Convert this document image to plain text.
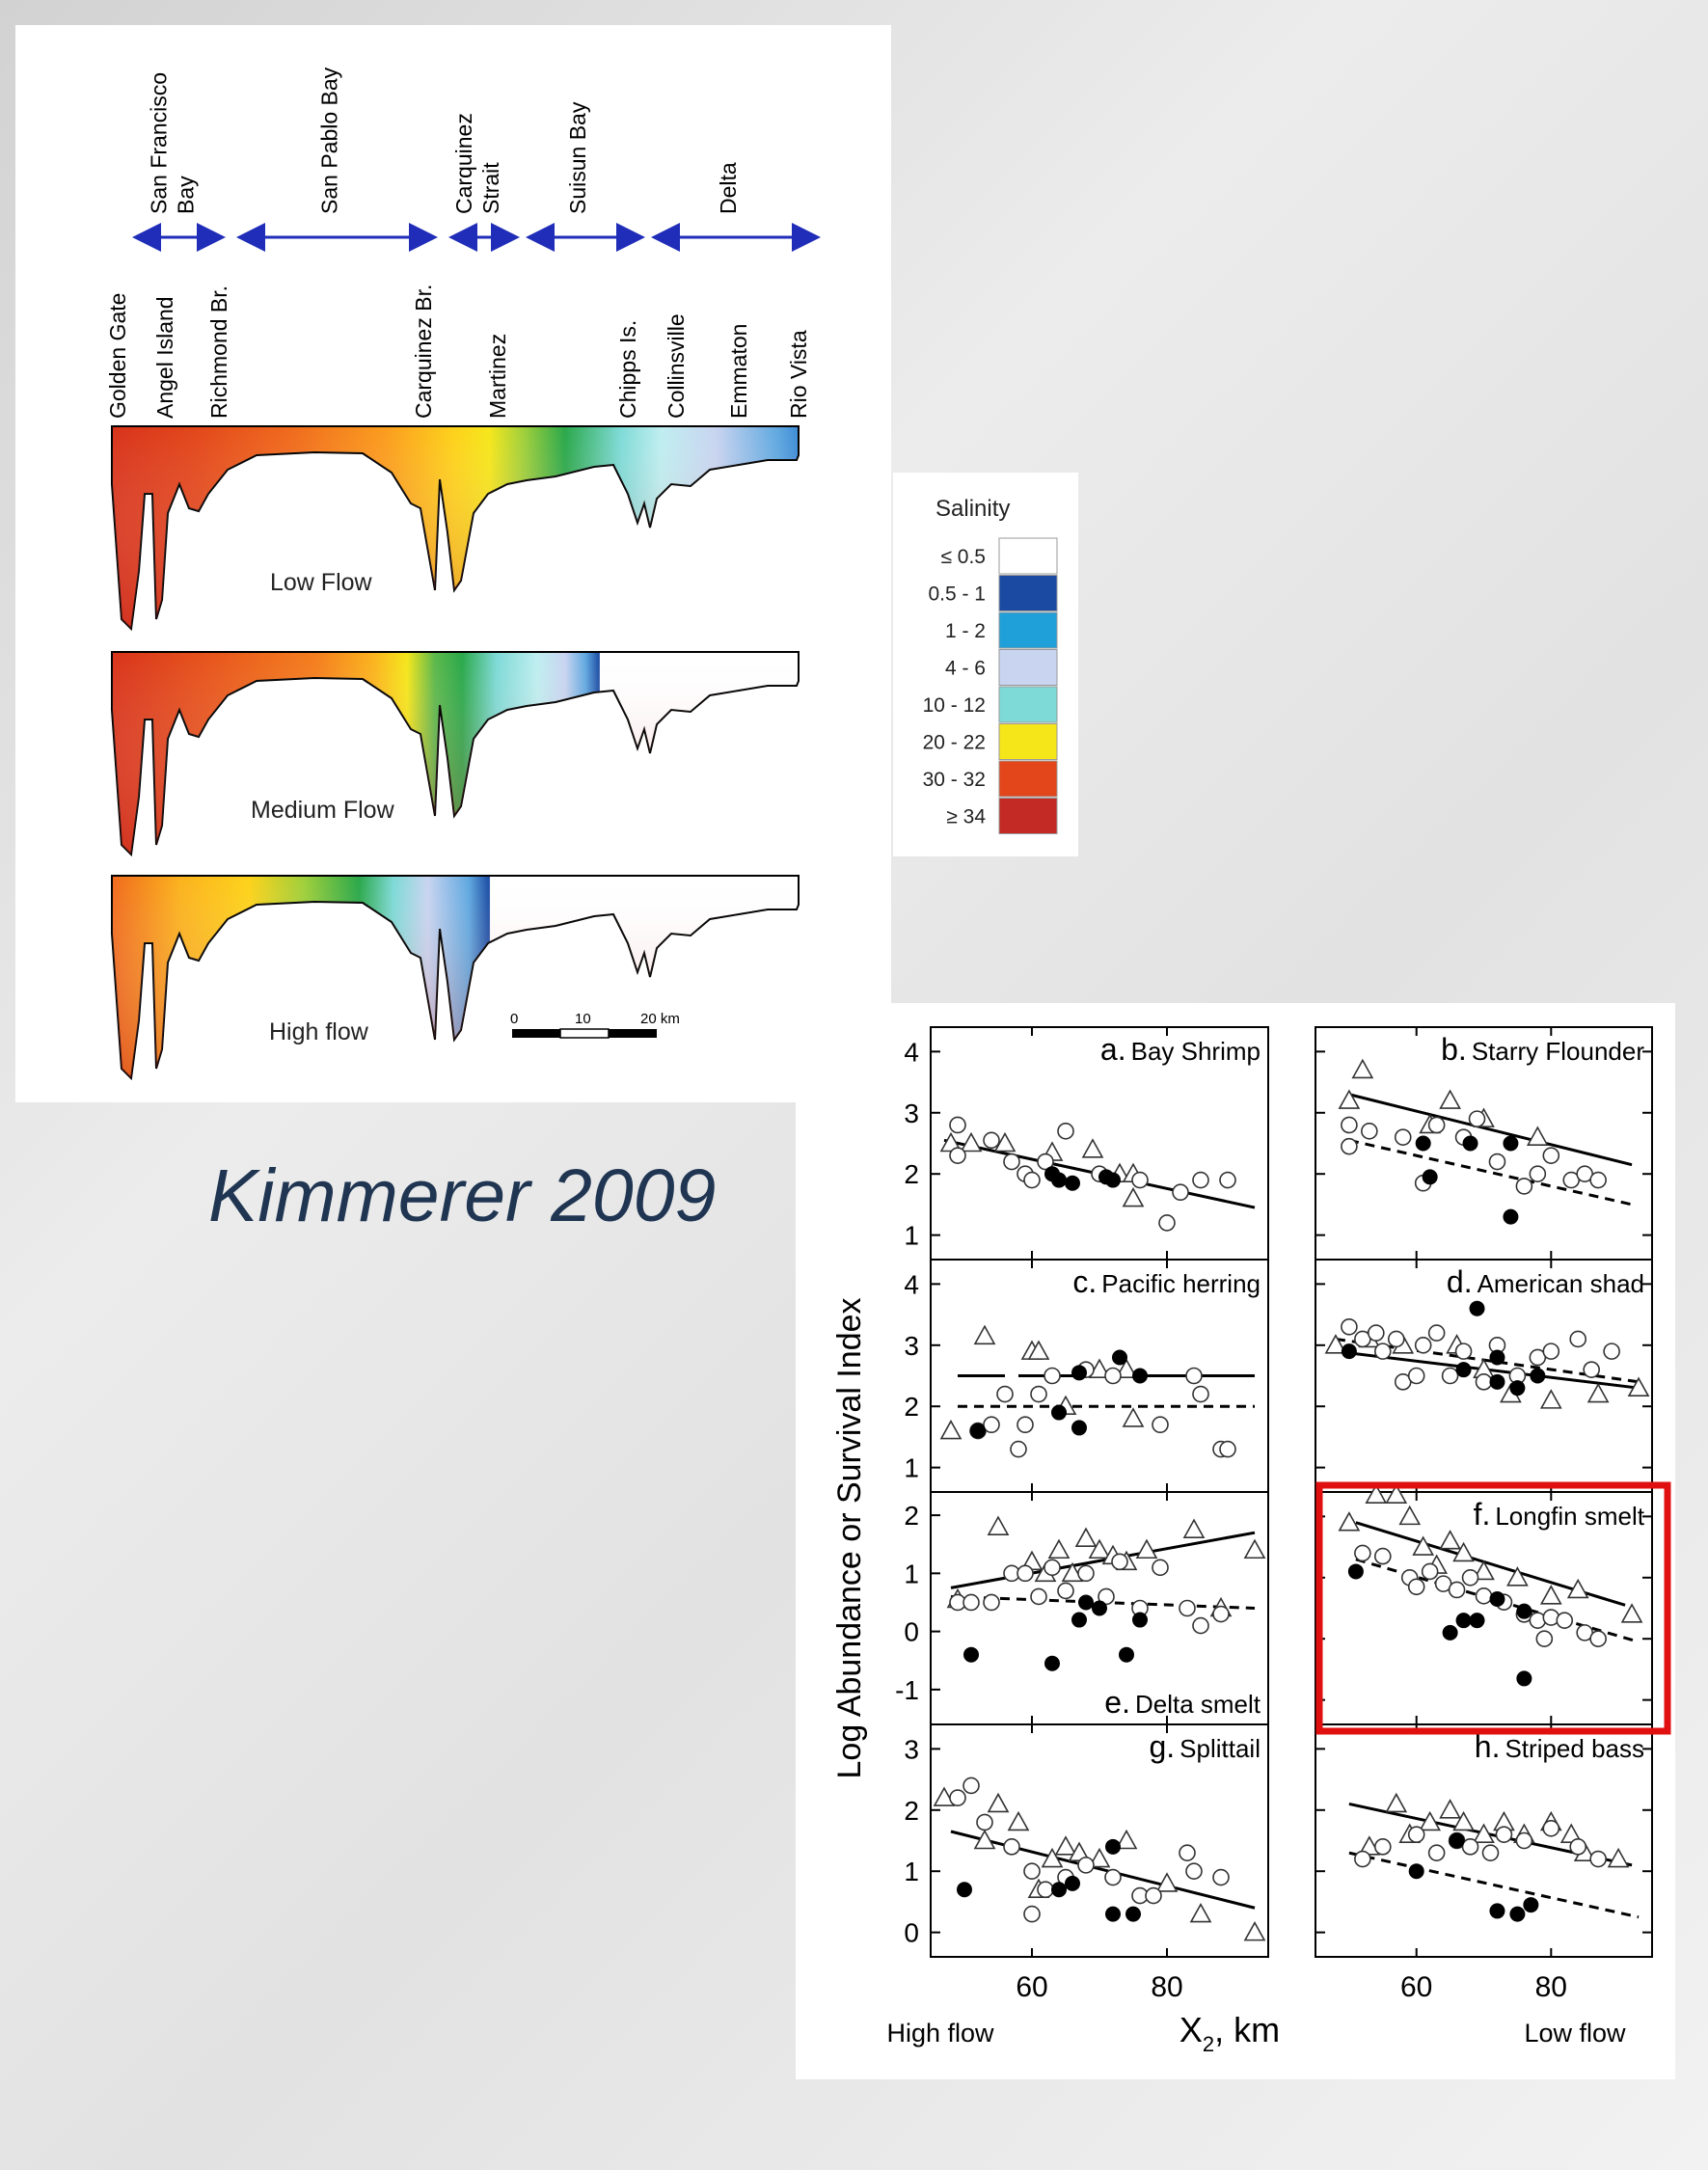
San FranciscoBay	San Pablo Bay	CarquinezStrait	Suisun Bay	Delta
Golden Gate Angel Island Richmond Br.	Carquinez Br. Martinez	Chipps Is. Collinsville Emmaton Rio Vista
Low Flow
Medium Flow
High flow	0	10	20 km
Salinity
≤ 0.5
0.5 - 1
1 - 2
4 - 6
10 - 12
20 - 22
30 - 32
≥ 34
Kimmerer 2009
Log Abundance or Survival Index
1
2
3
4	a. Bay Shrimp	b. Starry Flounder
1
2
3
4	c. Pacific herring	d. American shad
-1
0
1
2
e. Delta smelt
f. Longfin smelt
0
1
2
3	g. Splittail	h. Striped bass
60	80	60	80
High flow	Low flow
$X_2$, km
